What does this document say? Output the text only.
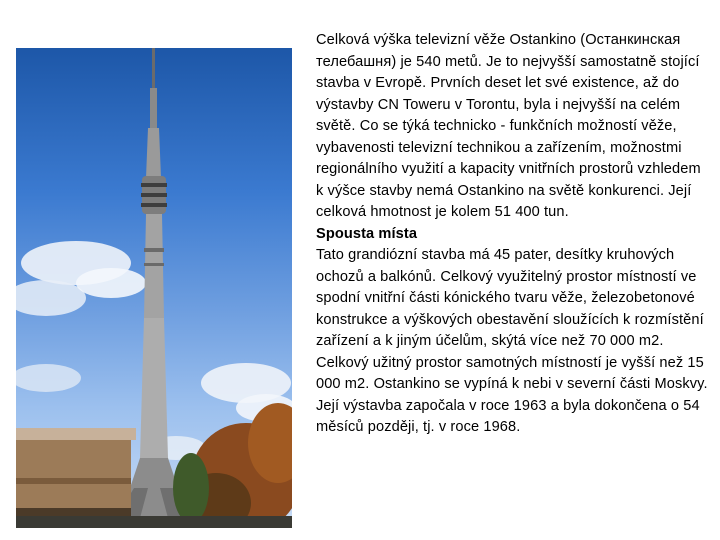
Celková výška televizní věže Ostankino (Останкинская телебашня) je 540 metů. Je to nejvyšší samostatně stojící stavba v Evropě. Prvních deset let své existence, až do výstavby CN Toweru v Torontu, byla i nejvyšší na celém světě. Co se týká technicko - funkčních možností věže, vybavenosti televizní technikou a zařízením, možnostmi regionálního využití a kapacity vnitřních prostorů vzhledem k výšce stavby nemá Ostankino na světě konkurenci. Její celková hmotnost je kolem 51 400 tun.

Spousta místa

Tato grandiózní stavba má 45 pater, desítky kruhových ochozů a balkónů. Celkový využitelný prostor místností ve spodní vnitřní části kónického tvaru věže, železobetonové konstrukce a výškových obestavění sloužících k rozmístění zařízení a k jiným účelům, skýtá více než 70 000 m2. Celkový užitný prostor samotných místností je vyšší než 15 000 m2. Ostankino se vypíná k nebi v severní části Moskvy. Její výstavba započala v roce 1963 a byla dokončena o 54 měsíců později, tj. v roce 1968.
